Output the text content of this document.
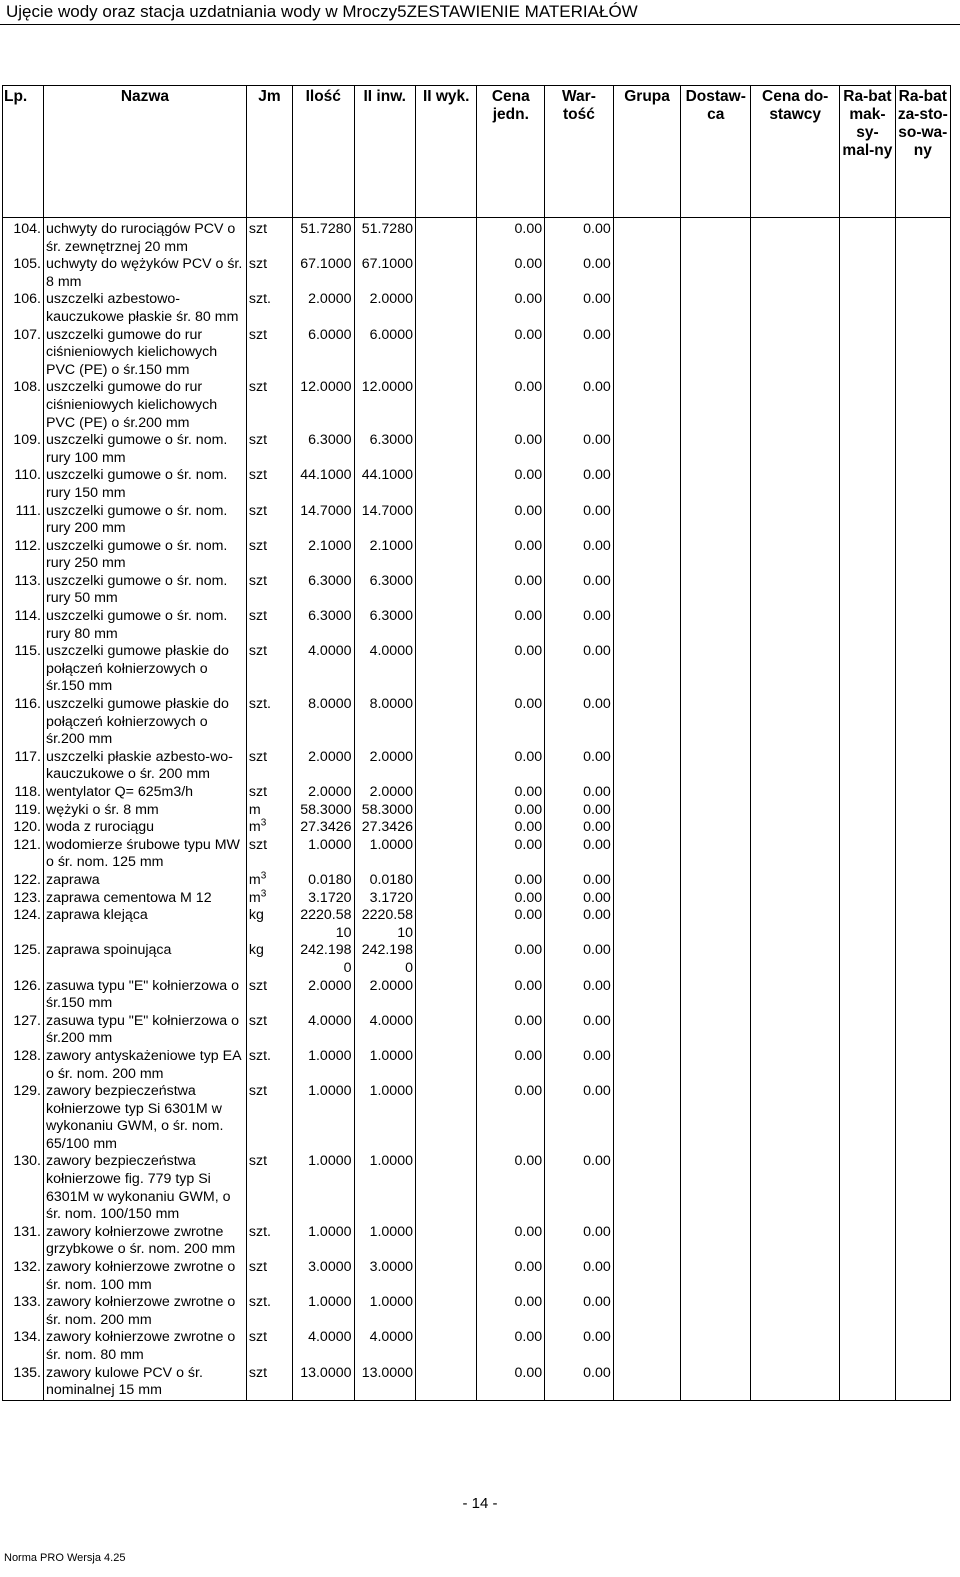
Ujęcie wody oraz stacja uzdatniania wody w Mroczy5ZESTAWIENIE MATERIAŁÓW
Lp.	Nazwa	Jm	Ilość	II inw.	II wyk.	Cena jedn.	War-tość	Grupa	Dostaw-ca	Cena do-stawcy	Ra-bat mak-sy-mal-ny	Ra-bat za-sto-so-wa-ny
104.	uchwyty do rurociągów PCV o śr. zewnętrznej 20 mm	szt	51.7280	51.7280		0.00	0.00					
105.	uchwyty do wężyków PCV o śr. 8 mm	szt	67.1000	67.1000		0.00	0.00					
106.	uszczelki azbestowo-kauczukowe płaskie śr. 80 mm	szt.	2.0000	2.0000		0.00	0.00					
107.	uszczelki gumowe do rur ciśnieniowych kielichowych PVC (PE) o śr.150 mm	szt	6.0000	6.0000		0.00	0.00					
108.	uszczelki gumowe do rur ciśnieniowych kielichowych PVC (PE) o śr.200 mm	szt	12.0000	12.0000		0.00	0.00					
109.	uszczelki gumowe o śr. nom. rury 100 mm	szt	6.3000	6.3000		0.00	0.00					
110.	uszczelki gumowe o śr. nom. rury 150 mm	szt	44.1000	44.1000		0.00	0.00					
111.	uszczelki gumowe o śr. nom. rury 200 mm	szt	14.7000	14.7000		0.00	0.00					
112.	uszczelki gumowe o śr. nom. rury 250 mm	szt	2.1000	2.1000		0.00	0.00					
113.	uszczelki gumowe o śr. nom. rury 50 mm	szt	6.3000	6.3000		0.00	0.00					
114.	uszczelki gumowe o śr. nom. rury 80 mm	szt	6.3000	6.3000		0.00	0.00					
115.	uszczelki gumowe płaskie do połączeń kołnierzowych o śr.150 mm	szt	4.0000	4.0000		0.00	0.00					
116.	uszczelki gumowe płaskie do połączeń kołnierzowych o śr.200 mm	szt.	8.0000	8.0000		0.00	0.00					
117.	uszczelki płaskie azbesto-wo-kauczukowe o śr. 200 mm	szt	2.0000	2.0000		0.00	0.00					
118.	wentylator Q= 625m3/h	szt	2.0000	2.0000		0.00	0.00					
119.	wężyki o śr. 8 mm	m	58.3000	58.3000		0.00	0.00					
120.	woda z rurociągu	$m^3$	27.3426	27.3426		0.00	0.00					
121.	wodomierze śrubowe typu MW o śr. nom. 125 mm	szt	1.0000	1.0000		0.00	0.00					
122.	zaprawa	$m^3$	0.0180	0.0180		0.00	0.00					
123.	zaprawa cementowa M 12	$m^3$	3.1720	3.1720		0.00	0.00					
124.	zaprawa klejąca	kg	2220.58 10	2220.58 10		0.00	0.00					
125.	zaprawa spoinująca	kg	242.198 0	242.198 0		0.00	0.00					
126.	zasuwa typu "E" kołnierzowa o śr.150 mm	szt	2.0000	2.0000		0.00	0.00					
127.	zasuwa typu "E" kołnierzowa o śr.200 mm	szt	4.0000	4.0000		0.00	0.00					
128.	zawory antyskażeniowe typ EA o śr. nom. 200 mm	szt.	1.0000	1.0000		0.00	0.00					
129.	zawory bezpieczeństwa kołnierzowe typ Si 6301M w wykonaniu GWM, o śr. nom. 65/100 mm	szt	1.0000	1.0000		0.00	0.00					
130.	zawory bezpieczeństwa kołnierzowe fig. 779 typ Si 6301M w wykonaniu GWM, o śr. nom. 100/150 mm	szt	1.0000	1.0000		0.00	0.00					
131.	zawory kołnierzowe zwrotne grzybkowe o śr. nom. 200 mm	szt.	1.0000	1.0000		0.00	0.00					
132.	zawory kołnierzowe zwrotne o śr. nom. 100 mm	szt	3.0000	3.0000		0.00	0.00					
133.	zawory kołnierzowe zwrotne o śr. nom. 200 mm	szt.	1.0000	1.0000		0.00	0.00					
134.	zawory kołnierzowe zwrotne o śr. nom. 80 mm	szt	4.0000	4.0000		0.00	0.00					
135.	zawory kulowe PCV o śr. nominalnej 15 mm	szt	13.0000	13.0000		0.00	0.00					
- 14 -
Norma PRO Wersja 4.25
